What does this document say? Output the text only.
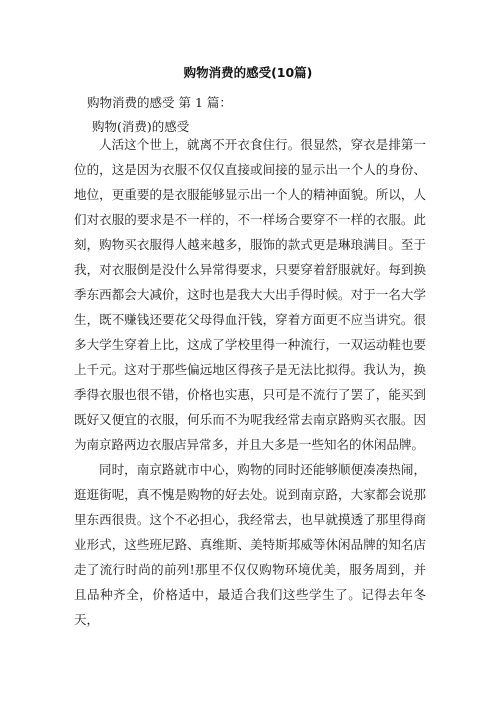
购物消费的感受(10篇)
购物消费的感受 第 1 篇：
购物(消费)的感受

人活这个世上，就离不开衣食住行。很显然，穿衣是排第一位的，这是因为衣服不仅仅直接或间接的显示出一个人的身份、地位，更重要的是衣服能够显示出一个人的精神面貌。所以，人们对衣服的要求是不一样的，不一样场合要穿不一样的衣服。此刻，购物买衣服得人越来越多，服饰的款式更是琳琅满目。至于我，对衣服倒是没什么异常得要求，只要穿着舒服就好。每到换季东西都会大减价，这时也是我大大出手得时候。对于一名大学生，既不赚钱还要花父母得血汗钱，穿着方面更不应当讲究。很多大学生穿着上比，这成了学校里得一种流行，一双运动鞋也要上千元。这对于那些偏远地区得孩子是无法比拟得。我认为，换季得衣服也很不错，价格也实惠，只可是不流行了罢了，能买到既好又便宜的衣服，何乐而不为呢我经常去南京路购买衣服。因为南京路两边衣服店异常多，并且大多是一些知名的休闲品牌。

同时，南京路就市中心，购物的同时还能够顺便凑凑热闹，逛逛街呢，真不愧是购物的好去处。说到南京路，大家都会说那里东西很贵。这个不必担心，我经常去，也早就摸透了那里得商业形式，这些班尼路、真维斯、美特斯邦威等休闲品牌的知名店走了流行时尚的前列!那里不仅仅购物环境优美，服务周到，并且品种齐全，价格适中，最适合我们这些学生了。记得去年冬天，
